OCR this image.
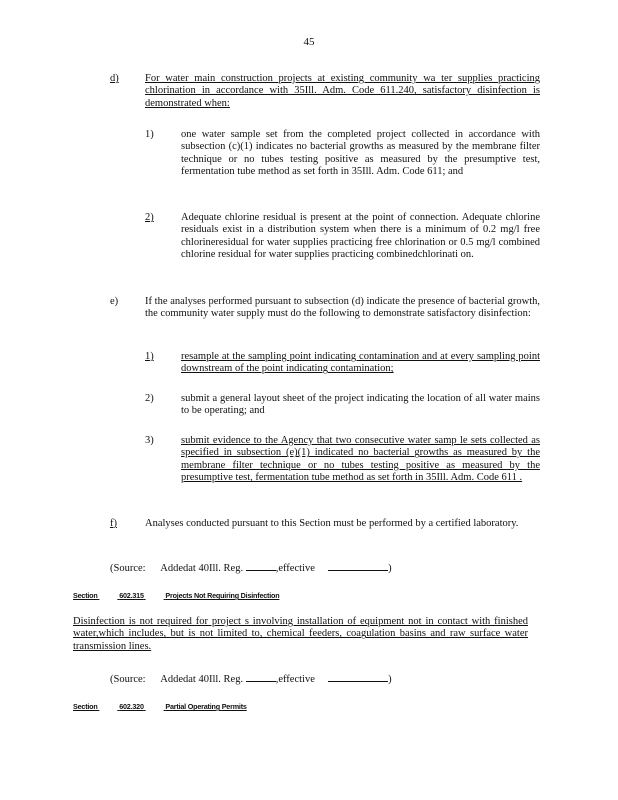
45
d)	For water main construction projects at existing community wa ter supplies practicing chlorination in accordance with 35Ill. Adm. Code 611.240, satisfactory disinfection is demonstrated when:
1)	one water sample set from the completed project collected in accordance with subsection (c)(1) indicates no bacterial growths as measured by the membrane filter technique or no tubes testing positive as measured by the presumptive test, fermentation tube method as set forth in 35Ill. Adm. Code 611; and
2)	Adequate chlorine residual is present at the point of connection. Adequate chlorine residuals exist in a distribution system when there is a minimum of 0.2 mg/l free chlorineresidual for water supplies practicing free chlorination or 0.5 mg/l combined chlorine residual for water supplies practicing combinedchlorinati on.
e)	If the analyses performed pursuant to subsection (d) indicate the presence of bacterial growth, the community water supply must do the following to demonstrate satisfactory disinfection:
1)	resample at the sampling point indicating contamination and at every sampling point downstream of the point indicating contamination;
2)	submit a general layout sheet of the project indicating the location of all water mains to be operating; and
3)	submit evidence to the Agency that two consecutive water samp le sets collected as specified in subsection (e)(1) indicated no bacterial growths as measured by the membrane filter technique or no tubes testing positive as measured by the presumptive test, fermentation tube method as set forth in 35Ill. Adm. Code 611 .
f)	Analyses conducted pursuant to this Section must be performed by a certified laboratory.
(Source: Addedat 40Ill. Reg.	,effective	)
Section	602.315	Projects Not Requiring Disinfection
Disinfection is not required for project s involving installation of equipment not in contact with finished water,which includes, but is not limited to, chemical feeders, coagulation basins and raw surface water transmission lines.
(Source: Addedat 40Ill. Reg.	,effective	)
Section	602.320	Partial Operating Permits
